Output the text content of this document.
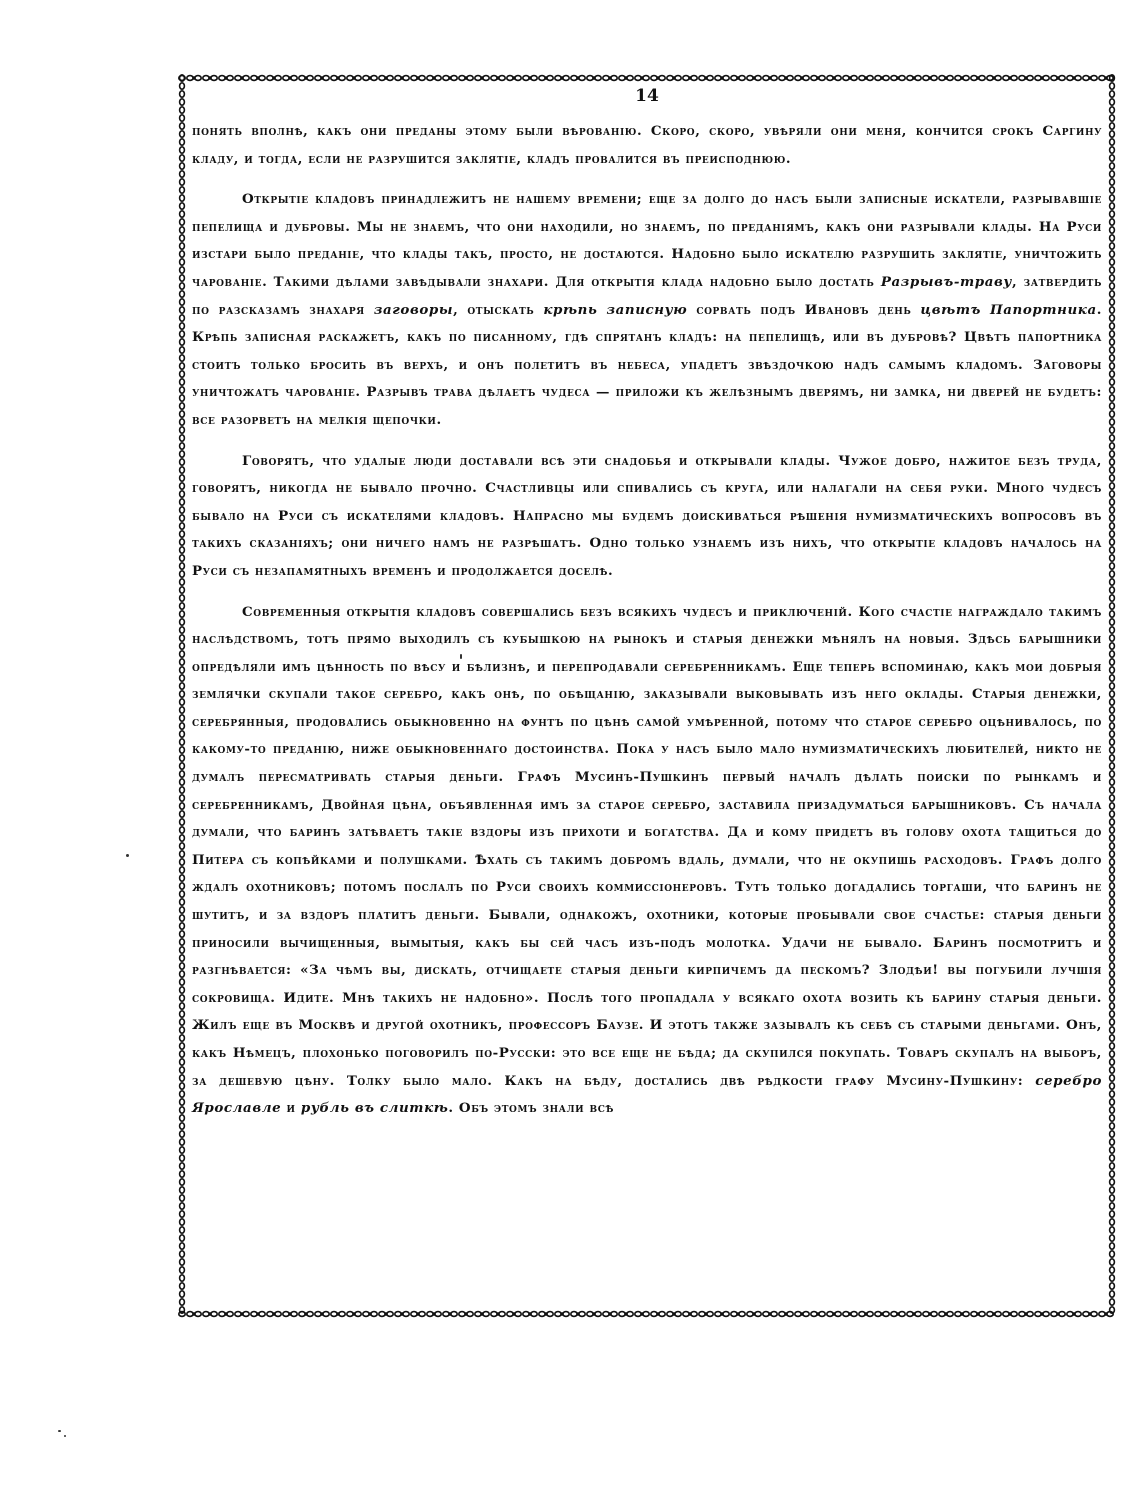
14

понять вполнѣ, какъ они преданы этому были вѣрованію. Скоро, скоро, увѣряли они меня, кончится срокъ Саргину кладу, и тогда, если не разрушится заклятіе, кладъ провалится въ преисподнюю.

Открытіе кладовъ принадлежитъ не нашему времени; еще за долго до насъ были записные искатели, разрывавшіе пепелища и дубровы. Мы не знаемъ, что они находили, но знаемъ, по преданіямъ, какъ они разрывали клады. На Руси изстари было преданіе, что клады такъ, просто, не достаются. Надобно было искателю разрушить заклятіе, уничтожить чарованіе. Такими дѣлами завѣдывали знахари. Для открытія клада надобно было достать Разрывъ-траву, затвердить по разсказамъ знахаря заговоры, отыскать крѣпь записную сорвать подъ Ивановъ день цвѣтъ Папортника. Крѣпь записная раскажетъ, какъ по писанному, гдѣ спрятанъ кладъ: на пепелищѣ, или въ дубровѣ? Цвѣтъ папортника стоитъ только бросить въ верхъ, и онъ полетитъ въ небеса, упадетъ звѣздочкою надъ самымъ кладомъ. Заговоры уничтожатъ чарованіе. Разрывъ трава дѣлаетъ чудеса — приложи къ желѣзнымъ дверямъ, ни замка, ни дверей не будетъ: все разорветъ на мелкія щепочки.

Говорятъ, что удалые люди доставали всѣ эти снадобья и открывали клады. Чужое добро, нажитое безъ труда, говорятъ, никогда не бывало прочно. Счастливцы или спивались съ круга, или налагали на себя руки. Много чудесъ бывало на Руси съ искателями кладовъ. Напрасно мы будемъ доискиваться рѣшенія нумизматическихъ вопросовъ въ такихъ сказаніяхъ; они ничего намъ не разрѣшатъ. Одно только узнаемъ изъ нихъ, что открытіе кладовъ началось на Руси съ незапамятныхъ временъ и продолжается доселѣ.

Современныя открытія кладовъ совершались безъ всякихъ чудесъ и приключеній. Кого счастіе награждало такимъ наслѣдствомъ, тотъ прямо выходилъ съ кубышкою на рынокъ и старыя денежки мѣнялъ на новыя. Здѣсь барышники опредѣляли имъ цѣнность по вѣсу и бѣлизнѣ, и перепродавали серебренникамъ. Еще теперь вспоминаю, какъ мои добрыя землячки скупали такое серебро, какъ онѣ, по обѣщанію, заказывали выковывать изъ него оклады. Старыя денежки, серебрянныя, продовались обыкновенно на фунтъ по цѣнѣ самой умѣренной, потому что старое серебро оцѣнивалось, по какому-то преданію, ниже обыкновеннаго достоинства. Пока у насъ было мало нумизматическихъ любителей, никто не думалъ пересматривать старыя деньги. Графъ Мусинъ-Пушкинъ первый началъ дѣлать поиски по рынкамъ и серебренникамъ, Двойная цѣна, объявленная имъ за старое серебро, заставила призадуматься барышниковъ. Съ начала думали, что баринъ затѣваетъ такіе вздоры изъ прихоти и богатства. Да и кому придетъ въ голову охота тащиться до Питера съ копѣйками и полушками. Ѣхать съ такимъ добромъ вдаль, думали, что не окупишь расходовъ. Графъ долго ждалъ охотниковъ; потомъ послалъ по Руси своихъ коммиссіонеровъ. Тутъ только догадались торгаши, что баринъ не шутитъ, и за вздоръ платитъ деньги. Бывали, однакожъ, охотники, которые пробывали свое счастье: старыя деньги приносили вычищенныя, вымытыя, какъ бы сей часъ изъ-подъ молотка. Удачи не бывало. Баринъ посмотритъ и разгнѣвается: «За чѣмъ вы, дискать, отчищаете старыя деньги кирпичемъ да пескомъ? Злодѣи! вы погубили лучшія сокровища. Идите. Мнѣ такихъ не надобно». Послѣ того пропадала у всякаго охота возить къ барину старыя деньги. Жилъ еще въ Москвѣ и другой охотникъ, профессоръ Баузе. И этотъ также зазывалъ къ себѣ съ старыми деньгами. Онъ, какъ Нѣмецъ, плохонько поговорилъ по-Русски: это все еще не бѣда; да скупился покупать. Товаръ скупалъ на выборъ, за дешевую цѣну. Толку было мало. Какъ на бѣду, достались двѣ рѣдкости графу Мусину-Пушкину: серебро Ярославле и рубль въ слиткѣ. Объ этомъ знали всѣ
